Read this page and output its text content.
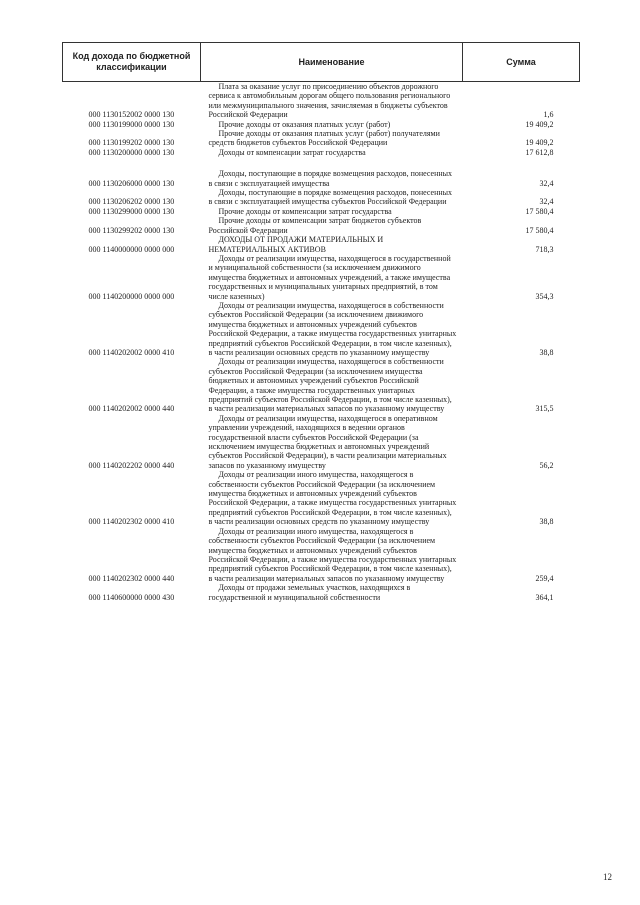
Код дохода по бюджетной классификации	Наименование	Сумма
000 1130152002 0000 130	Плата за оказание услуг по присоединению объектов дорожного сервиса к автомобильным дорогам общего пользования регионального или межмуниципального значения, зачисляемая в бюджеты субъектов Российской Федерации	1,6
000 1130199000 0000 130	Прочие доходы от оказания платных услуг (работ)	19 409,2
000 1130199202 0000 130	Прочие доходы от оказания платных услуг (работ) получателями средств бюджетов субъектов Российской Федерации	19 409,2
000 1130200000 0000 130	Доходы от компенсации затрат государства	17 612,8
000 1130206000 0000 130	Доходы, поступающие в порядке возмещения расходов, понесенных в связи с эксплуатацией имущества	32,4
000 1130206202 0000 130	Доходы, поступающие в порядке возмещения расходов, понесенных в связи с эксплуатацией имущества субъектов Российской Федерации	32,4
000 1130299000 0000 130	Прочие доходы от компенсации затрат государства	17 580,4
000 1130299202 0000 130	Прочие доходы от компенсации затрат бюджетов субъектов Российской Федерации	17 580,4
000 1140000000 0000 000	ДОХОДЫ ОТ ПРОДАЖИ МАТЕРИАЛЬНЫХ И НЕМАТЕРИАЛЬНЫХ АКТИВОВ	718,3
000 1140200000 0000 000	Доходы от реализации имущества, находящегося в государственной и муниципальной собственности (за исключением движимого имущества бюджетных и автономных учреждений, а также имущества государственных и муниципальных унитарных предприятий, в том числе казенных)	354,3
000 1140202002 0000 410	Доходы от реализации имущества, находящегося в собственности субъектов Российской Федерации (за исключением движимого имущества бюджетных и автономных учреждений субъектов Российской Федерации, а также имущества государственных унитарных предприятий субъектов Российской Федерации, в том числе казенных), в части реализации основных средств по указанному имуществу	38,8
000 1140202002 0000 440	Доходы от реализации имущества, находящегося в собственности субъектов Российской Федерации (за исключением имущества бюджетных и автономных учреждений субъектов Российской Федерации, а также имущества государственных унитарных предприятий субъектов Российской Федерации, в том числе казенных), в части реализации материальных запасов по указанному имуществу	315,5
000 1140202202 0000 440	Доходы от реализации имущества, находящегося в оперативном управлении учреждений, находящихся в ведении органов государственной власти субъектов Российской Федерации (за исключением имущества бюджетных и автономных учреждений субъектов Российской Федерации), в части реализации материальных запасов по указанному имуществу	56,2
000 1140202302 0000 410	Доходы от реализации иного имущества, находящегося в собственности субъектов Российской Федерации (за исключением имущества бюджетных и автономных учреждений субъектов Российской Федерации, а также имущества государственных унитарных предприятий субъектов Российской Федерации, в том числе казенных), в части реализации основных средств по указанному имуществу	38,8
000 1140202302 0000 440	Доходы от реализации иного имущества, находящегося в собственности субъектов Российской Федерации (за исключением имущества бюджетных и автономных учреждений субъектов Российской Федерации, а также имущества государственных унитарных предприятий субъектов Российской Федерации, в том числе казенных), в части реализации материальных запасов по указанному имуществу	259,4
000 1140600000 0000 430	Доходы от продажи земельных участков, находящихся в государственной и муниципальной собственности	364,1
12
